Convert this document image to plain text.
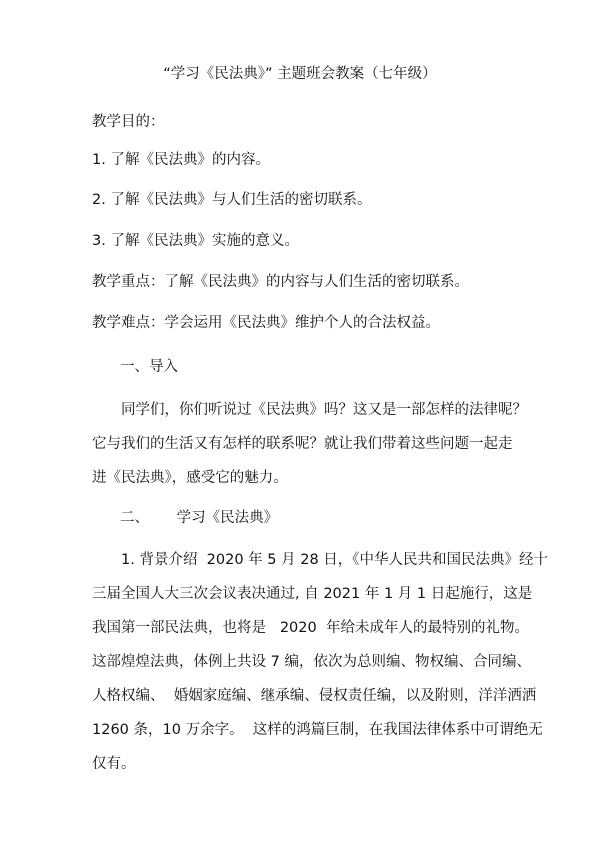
“学习《民法典》” 主题班会教案（七年级）

教学目的：

1. 了解《民法典》的内容。

2. 了解《民法典》与人们生活的密切联系。

3. 了解《民法典》实施的意义。

教学重点：了解《民法典》的内容与人们生活的密切联系。

教学难点：学会运用《民法典》维护个人的合法权益。

一、导入

同学们，你们听说过《民法典》吗？这又是一部怎样的法律呢？
它与我们的生活又有怎样的联系呢？就让我们带着这些问题一起走
进《民法典》，感受它的魅力。

二、      学习《民法典》

1. 背景介绍  2020 年 5 月 28 日，《中华人民共和国民法典》经十
三届全国人大三次会议表决通过, 自 2021 年 1 月 1 日起施行，这是
我国第一部民法典，也将是   2020  年给未成年人的最特别的礼物。
这部煌煌法典，体例上共设 7 编，依次为总则编、物权编、合同编、
人格权编、  婚姻家庭编、继承编、侵权责任编，以及附则，洋洋洒洒
1260 条，10 万余字。  这样的鸿篇巨制，在我国法律体系中可谓绝无
仅有。
